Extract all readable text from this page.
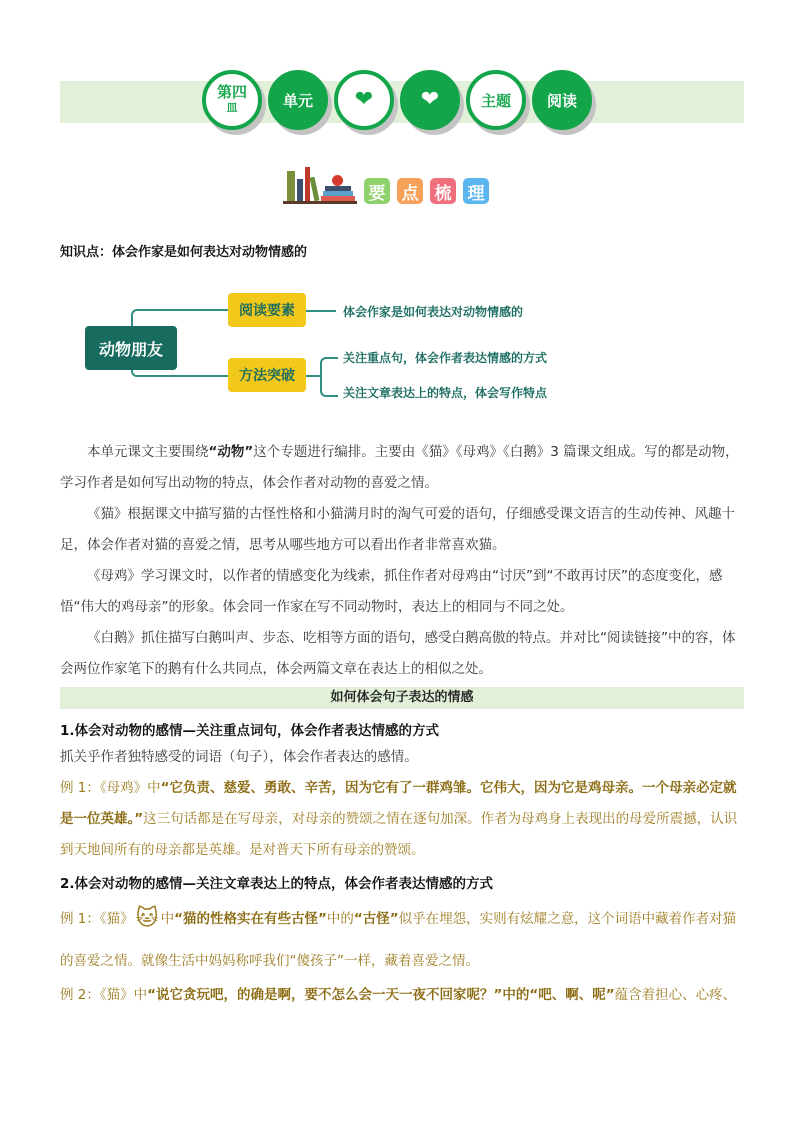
第四
皿	单元 ❤ ❤	主题 阅读
要 点 梳 理
知识点：体会作家是如何表达对动物情感的
动物朋友
阅读要素
方法突破
体会作家是如何表达对动物情感的
关注重点句，体会作者表达情感的方式
关注文章表达上的特点，体会写作特点

本单元课文主要围绕“动物”这个专题进行编排。主要由《猫》《母鸡》《白鹅》3 篇课文组成。写的都是动物，学习作者是如何写出动物的特点，体会作者对动物的喜爱之情。

《猫》根据课文中描写猫的古怪性格和小猫满月时的淘气可爱的语句，仔细感受课文语言的生动传神、风趣十足，体会作者对猫的喜爱之情，思考从哪些地方可以看出作者非常喜欢猫。

《母鸡》学习课文时，以作者的情感变化为线索，抓住作者对母鸡由“讨厌”到“不敢再讨厌”的态度变化，感悟“伟大的鸡母亲”的形象。体会同一作家在写不同动物时，表达上的相同与不同之处。

《白鹅》抓住描写白鹅叫声、步态、吃相等方面的语句，感受白鹅高傲的特点。并对比“阅读链接”中的容，体会两位作家笔下的鹅有什么共同点，体会两篇文章在表达上的相似之处。

如何体会句子表达的情感
1.体会对动物的感情—关注重点词句，体会作者表达情感的方式
抓关乎作者独特感受的词语（句子），体会作者表达的感情。
例 1：《母鸡》中“它负责、慈爱、勇敢、辛苦，因为它有了一群鸡雏。它伟大，因为它是鸡母亲。一个母亲必定就是一位英雄。”这三句话都是在写母亲，对母亲的赞颂之情在逐句加深。作者为母鸡身上表现出的母爱所震撼，认识到天地间所有的母亲都是英雄。是对普天下所有母亲的赞颂。
2.体会对动物的感情—关注文章表达上的特点，体会作者表达情感的方式
例 1：《猫》🐱 中“猫的性格实在有些古怪”中的“古怪”似乎在埋怨，实则有炫耀之意，这个词语中藏着作者对猫的喜爱之情。就像生活中妈妈称呼我们“傻孩子”一样，藏着喜爱之情。
例 2：《猫》中“说它贪玩吧，的确是啊，要不怎么会一天一夜不回家呢？”中的“吧、啊、呢”蕴含着担心、心疼、
